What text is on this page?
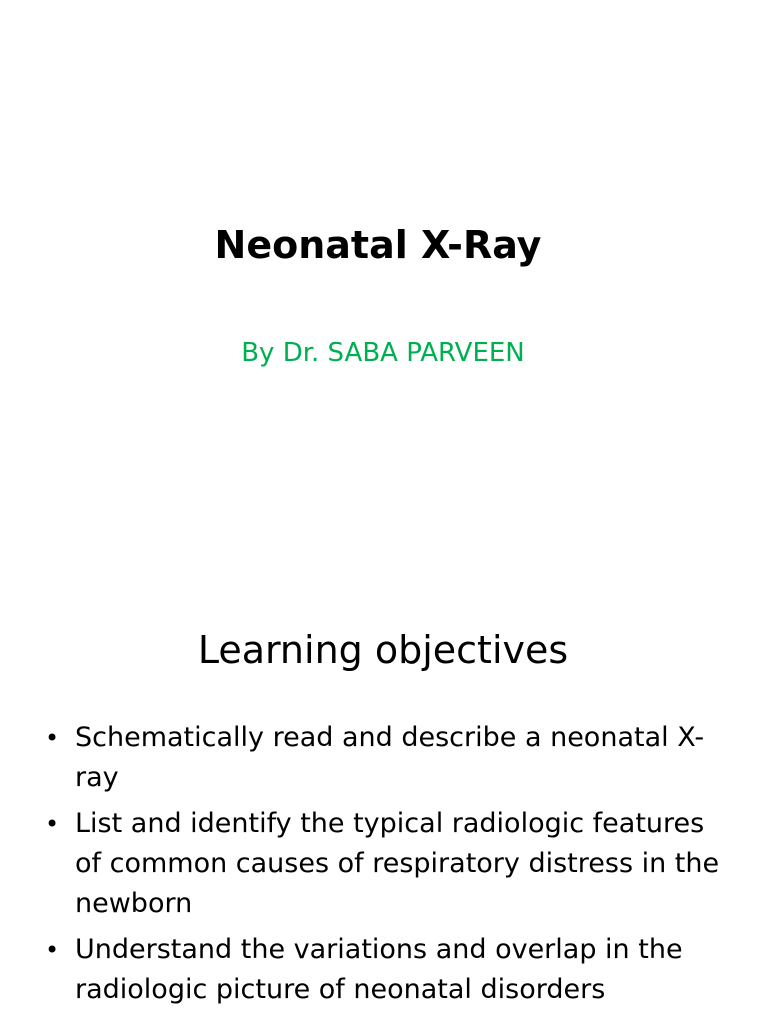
Neonatal X-Ray

By Dr. SABA PARVEEN

Learning objectives
• Schematically read and describe a neonatal X-ray
• List and identify the typical radiologic features of common causes of respiratory distress in the newborn
• Understand the variations and overlap in the radiologic picture of neonatal disorders
